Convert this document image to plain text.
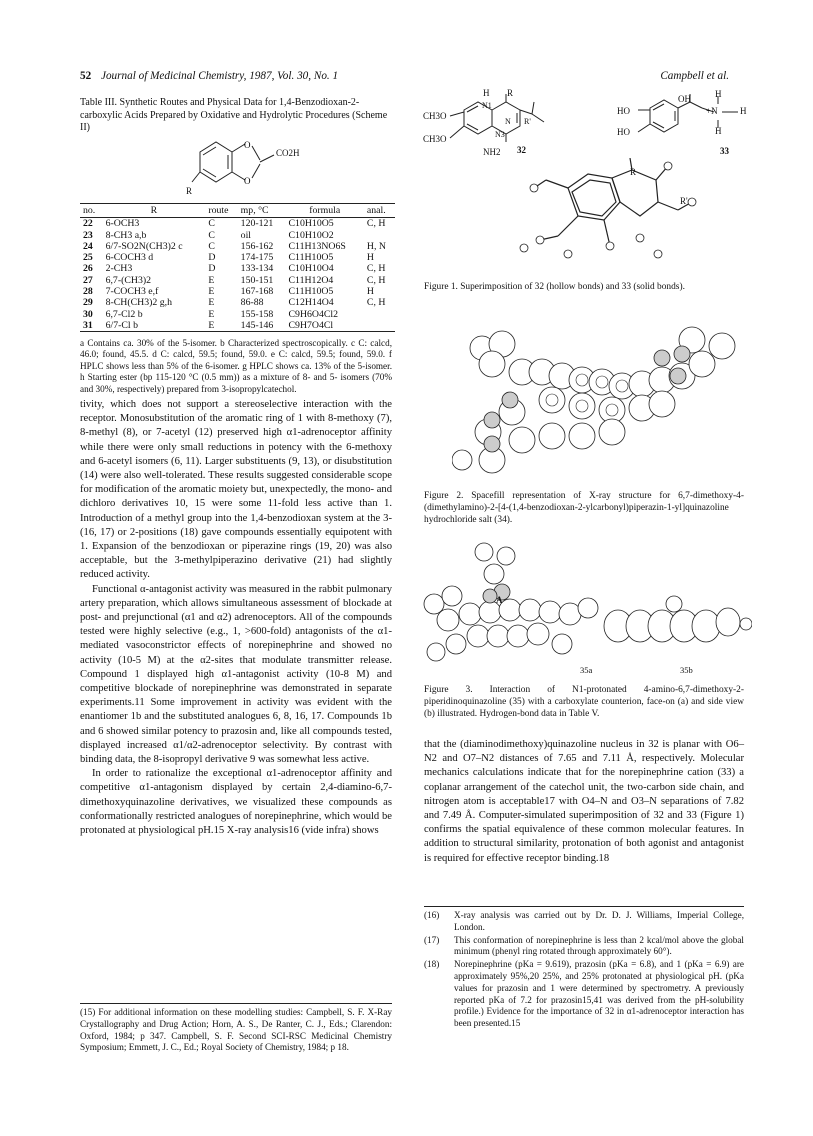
52 Journal of Medicinal Chemistry, 1987, Vol. 30, No. 1	Campbell et al.
Table III. Synthetic Routes and Physical Data for 1,4-Benzodioxan-2-carboxylic Acids Prepared by Oxidative and Hydrolytic Procedures (Scheme II)
O
O
CO2H
R
no.	R	route	mp, °C	formula	anal.
22	6-OCH3	C	120-121	C10H10O5	C, H
23	8-CH3 a,b	C	oil	C10H10O2	
24	6/7-SO2N(CH3)2 c	C	156-162	C11H13NO6S	H, N
25	6-COCH3 d	D	174-175	C11H10O5	H
26	2-CH3	D	133-134	C10H10O4	C, H
27	6,7-(CH3)2	E	150-151	C11H12O4	C, H
28	7-COCH3 e,f	E	167-168	C11H10O5	H
29	8-CH(CH3)2 g,h	E	86-88	C12H14O4	C, H
30	6,7-Cl2 b	E	155-158	C9H6O4Cl2	
31	6/7-Cl b	E	145-146	C9H7O4Cl	
a Contains ca. 30% of the 5-isomer. b Characterized spectroscopically. c C: calcd, 46.0; found, 45.5. d C: calcd, 59.5; found, 59.0. e C: calcd, 59.5; found, 59.0. f HPLC shows less than 5% of the 6-isomer. g HPLC shows ca. 13% of the 5-isomer. h Starting ester (bp 115-120 °C (0.5 mm)) as a mixture of 8- and 5- isomers (70% and 30%, respectively) prepared from 3-isopropylcatechol.

tivity, which does not support a stereoselective interaction with the receptor. Monosubstitution of the aromatic ring of 1 with 8-methoxy (7), 8-methyl (8), or 7-acetyl (12) preserved high α1-adrenoceptor affinity while there were only small reductions in potency with the 6-methoxy and 6-acetyl isomers (6, 11). Larger substituents (9, 13), or disubstitution (14) were also well-tolerated. These results suggested considerable scope for modification of the aromatic moiety but, unexpectedly, the mono- and dichloro derivatives 10, 15 were some 11-fold less active than 1. Introduction of a methyl group into the 1,4-benzodioxan system at the 3- (16, 17) or 2-positions (18) gave compounds essentially equipotent with 1. Expansion of the benzodioxan or piperazine rings (19, 20) was also acceptable, but the 3-methylpiperazino derivative (21) had slightly reduced activity.

Functional α-antagonist activity was measured in the rabbit pulmonary artery preparation, which allows simultaneous assessment of blockade at post- and prejunctional (α1 and α2) adrenoceptors. All of the compounds tested were highly selective (e.g., 1, >600-fold) antagonists of the α1-mediated vasoconstrictor effects of norepinephrine and showed no activity (10-5 M) at the α2-sites that modulate transmitter release. Compound 1 displayed high α1-antagonist activity (10-8 M) and competitive blockade of norepinephrine was demonstrated in separate experiments.11 Some improvement in activity was evident with the enantiomer 1b and the substituted analogues 6, 8, 16, 17. Compounds 1b and 6 showed similar potency to prazosin and, like all compounds tested, displayed increased α1/α2-adrenoceptor selectivity. By contrast with binding data, the 8-isopropyl derivative 9 was somewhat less active.

In order to rationalize the exceptional α1-adrenoceptor affinity and competitive α1-antagonism displayed by certain 2,4-diamino-6,7-dimethoxyquinazoline derivatives, we visualized these compounds as conformationally restricted analogues of norepinephrine, which would be protonated at physiological pH.15 X-ray analysis16 (vide infra) shows

(15) For additional information on these modelling studies: Campbell, S. F. X-Ray Crystallography and Drug Action; Horn, A. S., De Ranter, C. J., Eds.; Clarendon: Oxford, 1984; p 347. Campbell, S. F. Second SCI-RSC Medicinal Chemistry Symposium; Emmett, J. C., Ed.; Royal Society of Chemistry, 1984; p 18.
CH3O
CH3O
H R
N1
N R'
N3
NH2 32
HO
HO
OH	H
+N H
H
33
R
R'
Figure 1. Superimposition of 32 (hollow bonds) and 33 (solid bonds).
Figure 2. Spacefill representation of X-ray structure for 6,7-dimethoxy-4-(dimethylamino)-2-[4-(1,4-benzodioxan-2-ylcarbonyl)piperazin-1-yl]quinazoline hydrochloride salt (34).
A
35a	35b
Figure 3. Interaction of N1-protonated 4-amino-6,7-dimethoxy-2-piperidinoquinazoline (35) with a carboxylate counterion, face-on (a) and side view (b) illustrated. Hydrogen-bond data in Table V.

that the (diaminodimethoxy)quinazoline nucleus in 32 is planar with O6–N2 and O7–N2 distances of 7.65 and 7.11 Å, respectively. Molecular mechanics calculations indicate that for the norepinephrine cation (33) a coplanar arrangement of the catechol unit, the two-carbon side chain, and nitrogen atom is acceptable17 with O4–N and O3–N separations of 7.82 and 7.49 Å. Computer-simulated superimposition of 32 and 33 (Figure 1) confirms the spatial equivalence of these common molecular features. In addition to structural similarity, protonation of both agonist and antagonist is required for effective receptor binding.18

(16)	X-ray analysis was carried out by Dr. D. J. Williams, Imperial College, London.
(17)	This conformation of norepinephrine is less than 2 kcal/mol above the global minimum (phenyl ring rotated through approximately 60°).
(18)	Norepinephrine (pKa = 9.619), prazosin (pKa = 6.8), and 1 (pKa = 6.9) are approximately 95%,20 25%, and 25% protonated at physiological pH. (pKa values for prazosin and 1 were determined by spectrometry. A previously reported pKa of 7.2 for prazosin15,41 was derived from the pH-solubility profile.) Evidence for the importance of 32 in α1-adrenoceptor interaction has been presented.15
